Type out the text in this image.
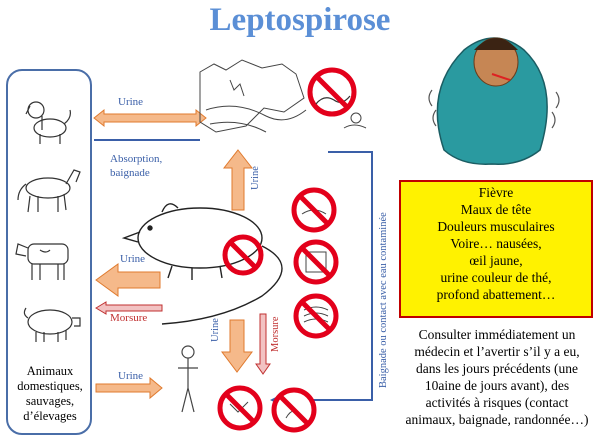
Leptospirose
Animaux
domestiques,
sauvages,
d’élevages
Urine
Urine	Morsure	Baignade ou contact avec eau contaminée
Urine
Absorption,
baignade
Urine
Morsure
Urine
Fièvre
Maux de tête
Douleurs musculaires
Voire… nausées,
œil jaune,
urine couleur de thé,
profond abattement…
Consulter immédiatement un
médecin et l’avertir s’il y a eu,
dans les jours précédents (une
10aine de jours avant), des
activités à risques (contact
animaux, baignade, randonnée…)
